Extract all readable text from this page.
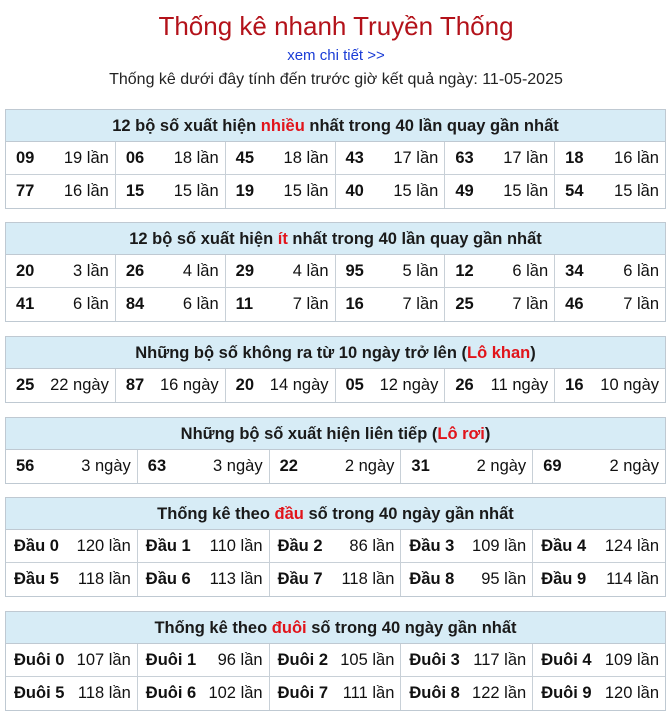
Thống kê nhanh Truyền Thống
xem chi tiết >>
Thống kê dưới đây tính đến trước giờ kết quả ngày: 11-05-2025
12 bộ số xuất hiện nhiều nhất trong 40 lần quay gần nhất
09 19 lần 06 18 lần 45 18 lần 43 17 lần 63 17 lần 18 16 lần
77 16 lần 15 15 lần 19 15 lần 40 15 lần 49 15 lần 54 15 lần
12 bộ số xuất hiện ít nhất trong 40 lần quay gần nhất
20 3 lần 26 4 lần 29 4 lần 95 5 lần 12 6 lần 34 6 lần
41 6 lần 84 6 lần 11 7 lần 16 7 lần 25 7 lần 46 7 lần
Những bộ số không ra từ 10 ngày trở lên (Lô khan)
25 22 ngày 87 16 ngày 20 14 ngày 05 12 ngày 26 11 ngày 16 10 ngày
Những bộ số xuất hiện liên tiếp (Lô rơi)
56	3 ngày 63	3 ngày 22	2 ngày 31	2 ngày 69	2 ngày
Thống kê theo đầu số trong 40 ngày gần nhất
Đầu 0 120 lần Đầu 1 110 lần Đầu 2 86 lần Đầu 3 109 lần Đầu 4 124 lần
Đầu 5 118 lần Đầu 6 113 lần Đầu 7 118 lần Đầu 8 95 lần Đầu 9 114 lần
Thống kê theo đuôi số trong 40 ngày gần nhất
Đuôi 0 107 lần Đuôi 1 96 lần Đuôi 2 105 lần Đuôi 3 117 lần Đuôi 4 109 lần
Đuôi 5 118 lần Đuôi 6 102 lần Đuôi 7 111 lần Đuôi 8 122 lần Đuôi 9 120 lần
